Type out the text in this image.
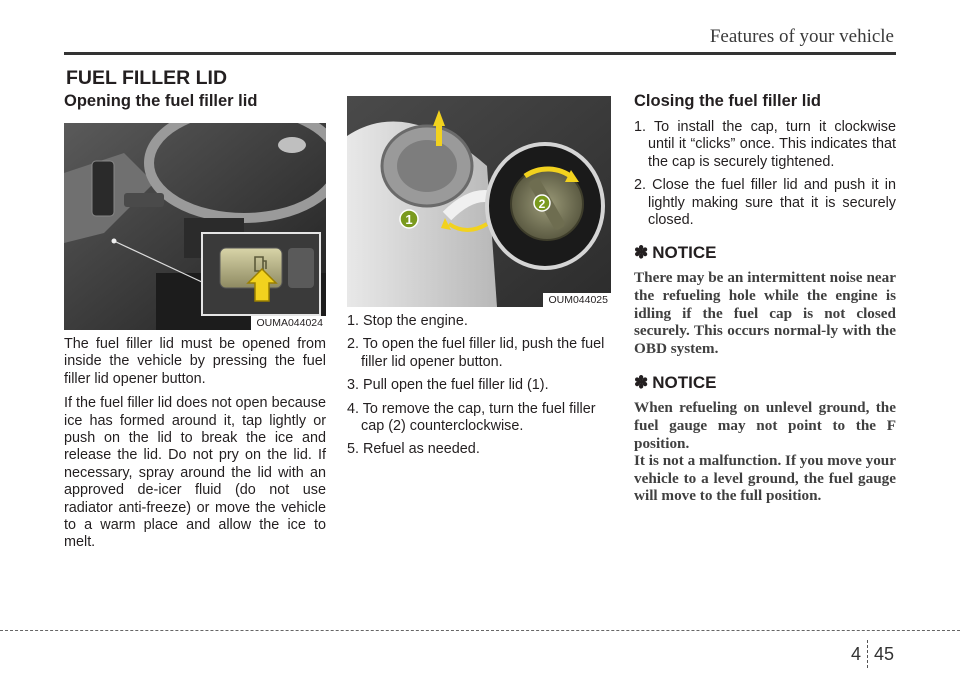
Features of your vehicle
FUEL FILLER LID
Opening the fuel filler lid
OUMA044024

The fuel filler lid must be opened from inside the vehicle by pressing the fuel filler lid opener button.

If the fuel filler lid does not open because ice has formed around it, tap lightly or push on the lid to break the ice and release the lid. Do not pry on the lid. If necessary, spray around the lid with an approved de-icer fluid (do not use radiator anti-freeze) or move the vehicle to a warm place and allow the ice to melt.

1
2
OUM044025
1. Stop the engine.
2. To open the fuel filler lid, push the fuel filler lid opener button.
3. Pull open the fuel filler lid (1).
4. To remove the cap, turn the fuel filler cap (2) counterclockwise.
5. Refuel as needed.
Closing the fuel filler lid
1. To install the cap, turn it clockwise until it “clicks” once. This indicates that the cap is securely tightened.
2. Close the fuel filler lid and push it in lightly making sure that it is securely closed.
✽ NOTICE
There may be an intermittent noise near the refueling hole while the engine is idling if the fuel cap is not closed securely. This occurs normal-ly with the OBD system.
✽ NOTICE
When refueling on unlevel ground, the fuel gauge may not point to the F position.
It is not a malfunction. If you move your vehicle to a level ground, the fuel gauge will move to the full position.
4 45
